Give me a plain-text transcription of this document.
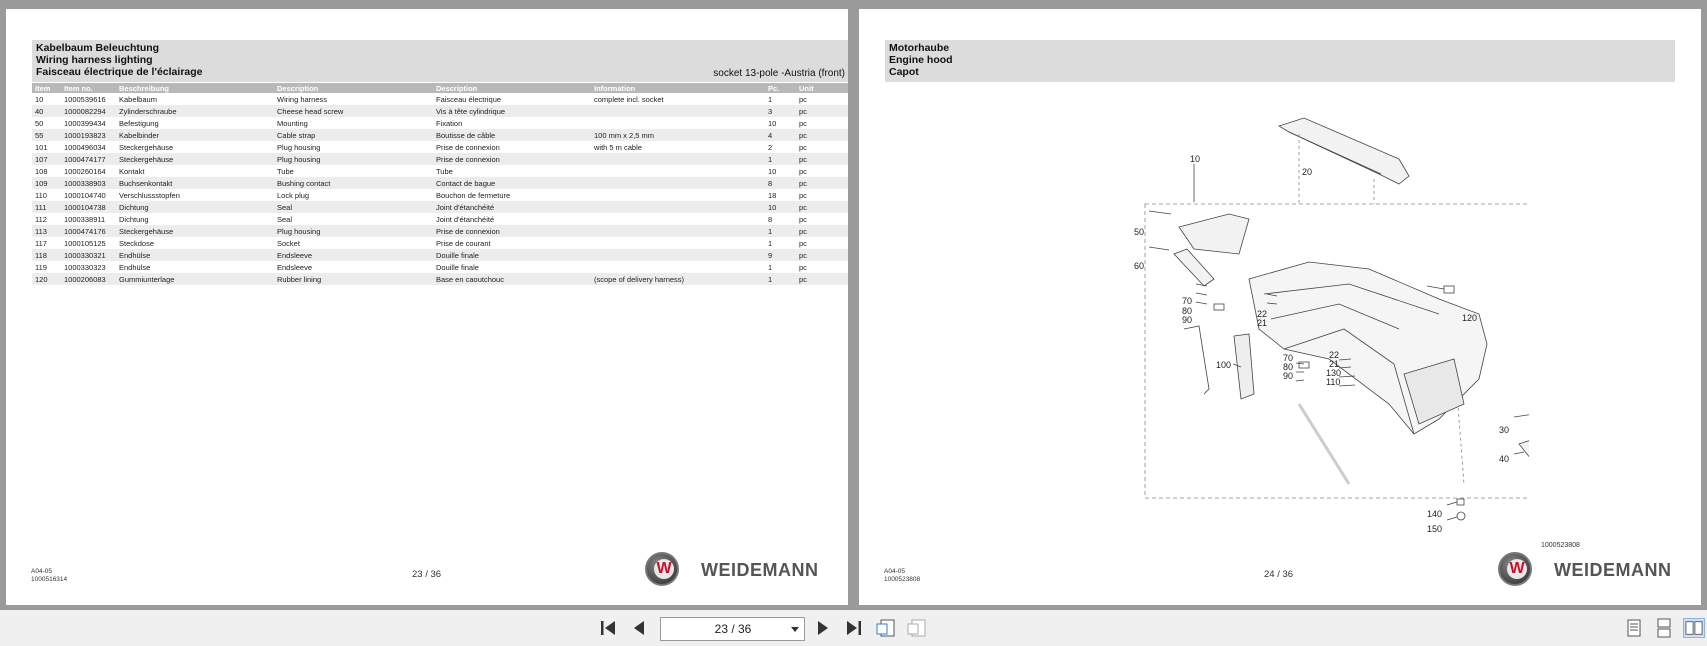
Kabelbaum Beleuchtung
Wiring harness lighting
Faisceau électrique de l'éclairage	socket 13-pole -Austria (front)
Item	Item no.	Beschreibung	Description	Description	Information	Pc.	Unit
10	1000539616	Kabelbaum	Wiring harness	Faisceau électrique	complete incl. socket	1	pc
40	1000082294	Zylinderschraube	Cheese head screw	Vis à tête cylindrique		3	pc
50	1000399434	Befestigung	Mounting	Fixation		10	pc
55	1000193823	Kabelbinder	Cable strap	Boutisse de câble	100 mm x 2,5 mm	4	pc
101	1000496034	Steckergehäuse	Plug housing	Prise de connexion	with 5 m cable	2	pc
107	1000474177	Steckergehäuse	Plug housing	Prise de connexion		1	pc
108	1000260164	Kontakt	Tube	Tube		10	pc
109	1000338903	Buchsenkontakt	Bushing contact	Contact de bague		8	pc
110	1000104740	Verschlussstopfen	Lock plug	Bouchon de fermeture		18	pc
111	1000104738	Dichtung	Seal	Joint d'étanchéité		10	pc
112	1000338911	Dichtung	Seal	Joint d'étanchéité		8	pc
113	1000474176	Steckergehäuse	Plug housing	Prise de connexion		1	pc
117	1000105125	Steckdose	Socket	Prise de courant		1	pc
118	1000330321	Endhülse	Endsleeve	Douille finale		9	pc
119	1000330323	Endhülse	Endsleeve	Douille finale		1	pc
120	1000206083	Gummiunterlage	Rubber lining	Base en caoutchouc	(scope of delivery harness)	1	pc
A04-05
1000516314	23 / 36	W WEIDEMANN
Motorhaube
Engine hood
Capot
10
20
50
60
70
80
90
22
21	120
100
70
80
90
22
21
130
110
30
40
140
150
1000523808
A04-05
1000523808	24 / 36	W WEIDEMANN
23 / 36
